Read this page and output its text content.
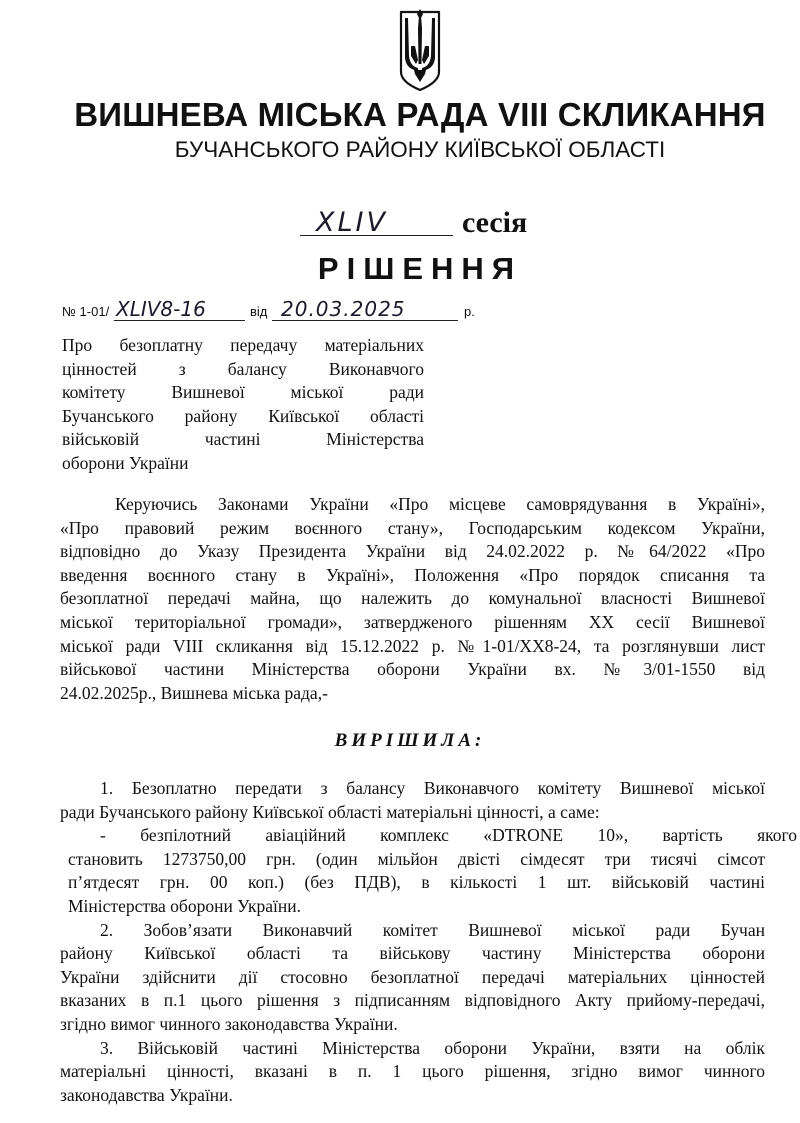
ВИШНЕВА МІСЬКА РАДА VIII СКЛИКАННЯ
БУЧАНСЬКОГО РАЙОНУ КИЇВСЬКОЇ ОБЛАСТІ
XLIV сесія
РІШЕННЯ
№ 1-01/ XLIV8-16	від 20.03.2025	р.
Про безоплатну передачу матеріальних
цінностей з балансу Виконавчого
комітету Вишневої міської ради
Бучанського району Київської області
військовій частині Міністерства
оборони України
Керуючись Законами України «Про місцеве самоврядування в Україні»,
«Про правовий режим воєнного стану», Господарським кодексом України,
відповідно до Указу Президента України від 24.02.2022 р. №64/2022 «Про
введення воєнного стану в Україні», Положення «Про порядок списання та
безоплатної передачі майна, що належить до комунальної власності Вишневої
міської територіальної громади», затвердженого рішенням XX сесії Вишневої
міської ради VIII скликання від 15.12.2022 р. №1-01/XX8-24, та розглянувши лист
військової частини Міністерства оборони України вх. №3/01-1550 від
24.02.2025р., Вишнева міська рада,-
ВИРІШИЛА:
1. Безоплатно передати з балансу Виконавчого комітету Вишневої міської
ради Бучанського району Київської області матеріальні цінності, а саме:
- безпілотний авіаційний комплекс «DTRONE 10», вартість якого
становить 1273750,00 грн. (один мільйон двісті сімдесят три тисячі сімсот
п’ятдесят грн. 00 коп.) (без ПДВ), в кількості 1 шт. військовій частині
Міністерства оборони України.
2. Зобов’язати Виконавчий комітет Вишневої міської ради Бучан
району Київської області та військову частину Міністерства оборони
України здійснити дії стосовно безоплатної передачі матеріальних цінностей
вказаних в п.1 цього рішення з підписанням відповідного Акту прийому-передачі,
згідно вимог чинного законодавства України.
3. Військовій частині Міністерства оборони України, взяти на облік
матеріальні цінності, вказані в п. 1 цього рішення, згідно вимог чинного
законодавства України.
